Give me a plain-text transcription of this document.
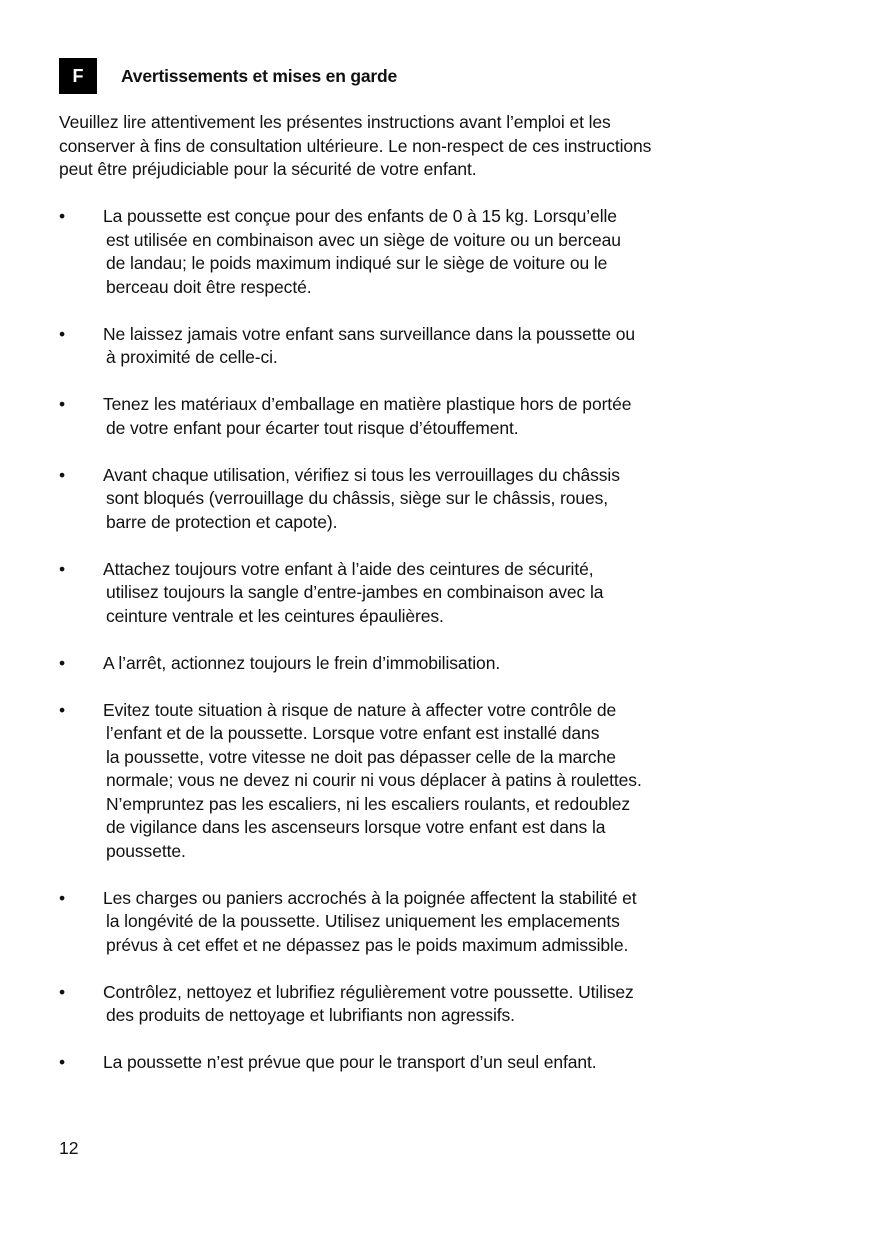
F	Avertissements et mises en garde

Veuillez lire attentivement les présentes instructions avant l’emploi et les
conserver à fins de consultation ultérieure. Le non-respect de ces instructions
peut être préjudiciable pour la sécurité de votre enfant.

•	La poussette est conçue pour des enfants de 0 à 15 kg. Lorsqu’elle
est utilisée en combinaison avec un siège de voiture ou un berceau
de landau; le poids maximum indiqué sur le siège de voiture ou le
berceau doit être respecté.
•	Ne laissez jamais votre enfant sans surveillance dans la poussette ou
à proximité de celle-ci.
•	Tenez les matériaux d’emballage en matière plastique hors de portée
de votre enfant pour écarter tout risque d’étouffement.
•	Avant chaque utilisation, vérifiez si tous les verrouillages du châssis
sont bloqués (verrouillage du châssis, siège sur le châssis, roues,
barre de protection et capote).
•	Attachez toujours votre enfant à l’aide des ceintures de sécurité,
utilisez toujours la sangle d’entre-jambes en combinaison avec la
ceinture ventrale et les ceintures épaulières.
•	A l’arrêt, actionnez toujours le frein d’immobilisation.
•	Evitez toute situation à risque de nature à affecter votre contrôle de
l’enfant et de la poussette. Lorsque votre enfant est installé dans
la poussette, votre vitesse ne doit pas dépasser celle de la marche
normale; vous ne devez ni courir ni vous déplacer à patins à roulettes.
N’empruntez pas les escaliers, ni les escaliers roulants, et redoublez
de vigilance dans les ascenseurs lorsque votre enfant est dans la
poussette.
•	Les charges ou paniers accrochés à la poignée affectent la stabilité et
la longévité de la poussette. Utilisez uniquement les emplacements
prévus à cet effet et ne dépassez pas le poids maximum admissible.
•	Contrôlez, nettoyez et lubrifiez régulièrement votre poussette. Utilisez
des produits de nettoyage et lubrifiants non agressifs.
•	La poussette n’est prévue que pour le transport d’un seul enfant.
12
